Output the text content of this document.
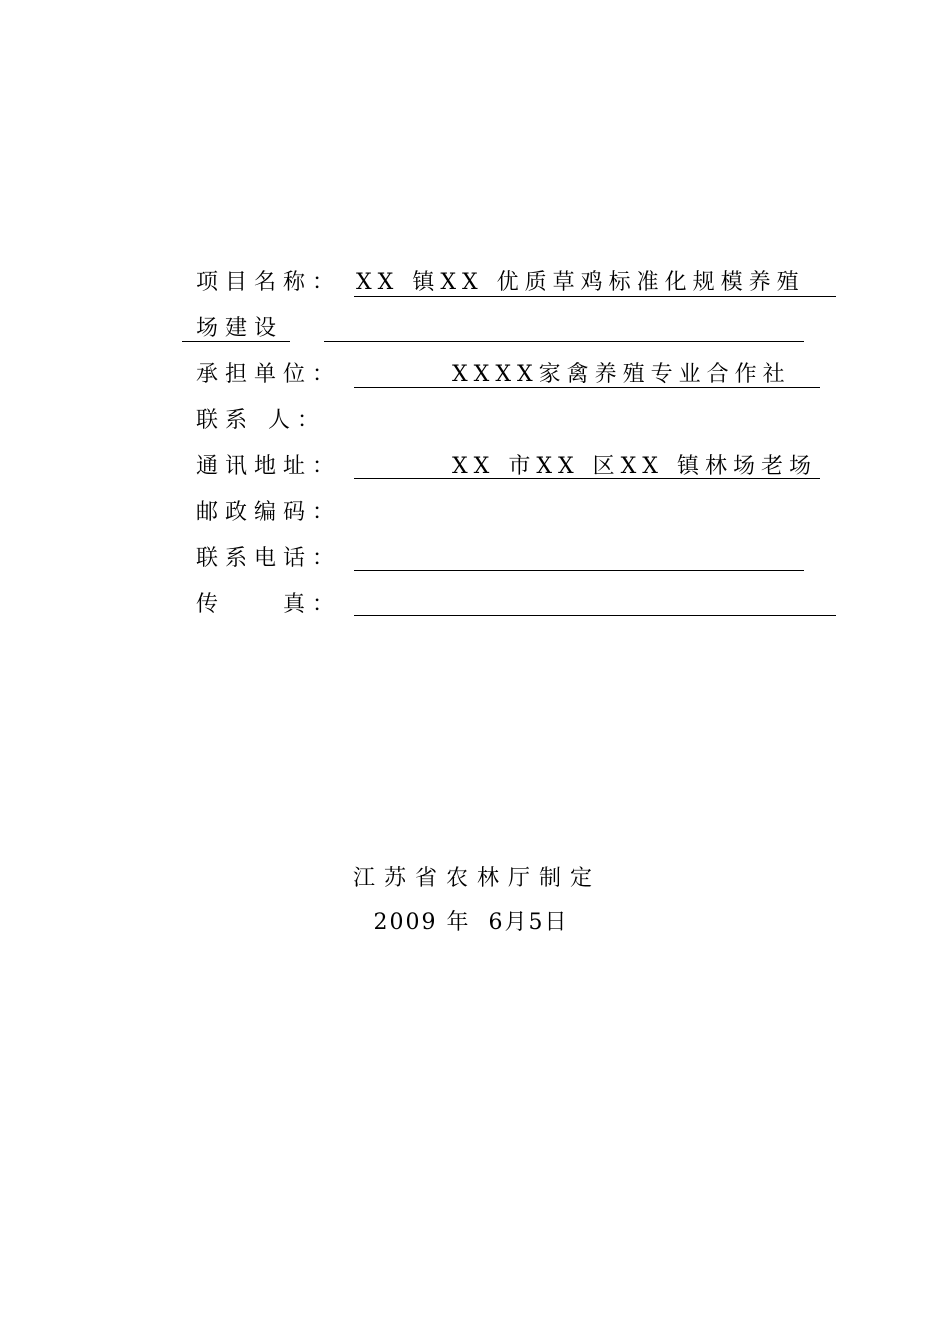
项目名称： XX 镇XX 优质草鸡标准化规模养殖
场建设
承担单位：	XXXX家禽养殖专业合作社
联系 人：
通讯地址：	XX 市XX 区XX 镇林场老场
邮政编码：
联系电话：
传　　真：
江苏省农林厅制定
2009 年  6月5日
